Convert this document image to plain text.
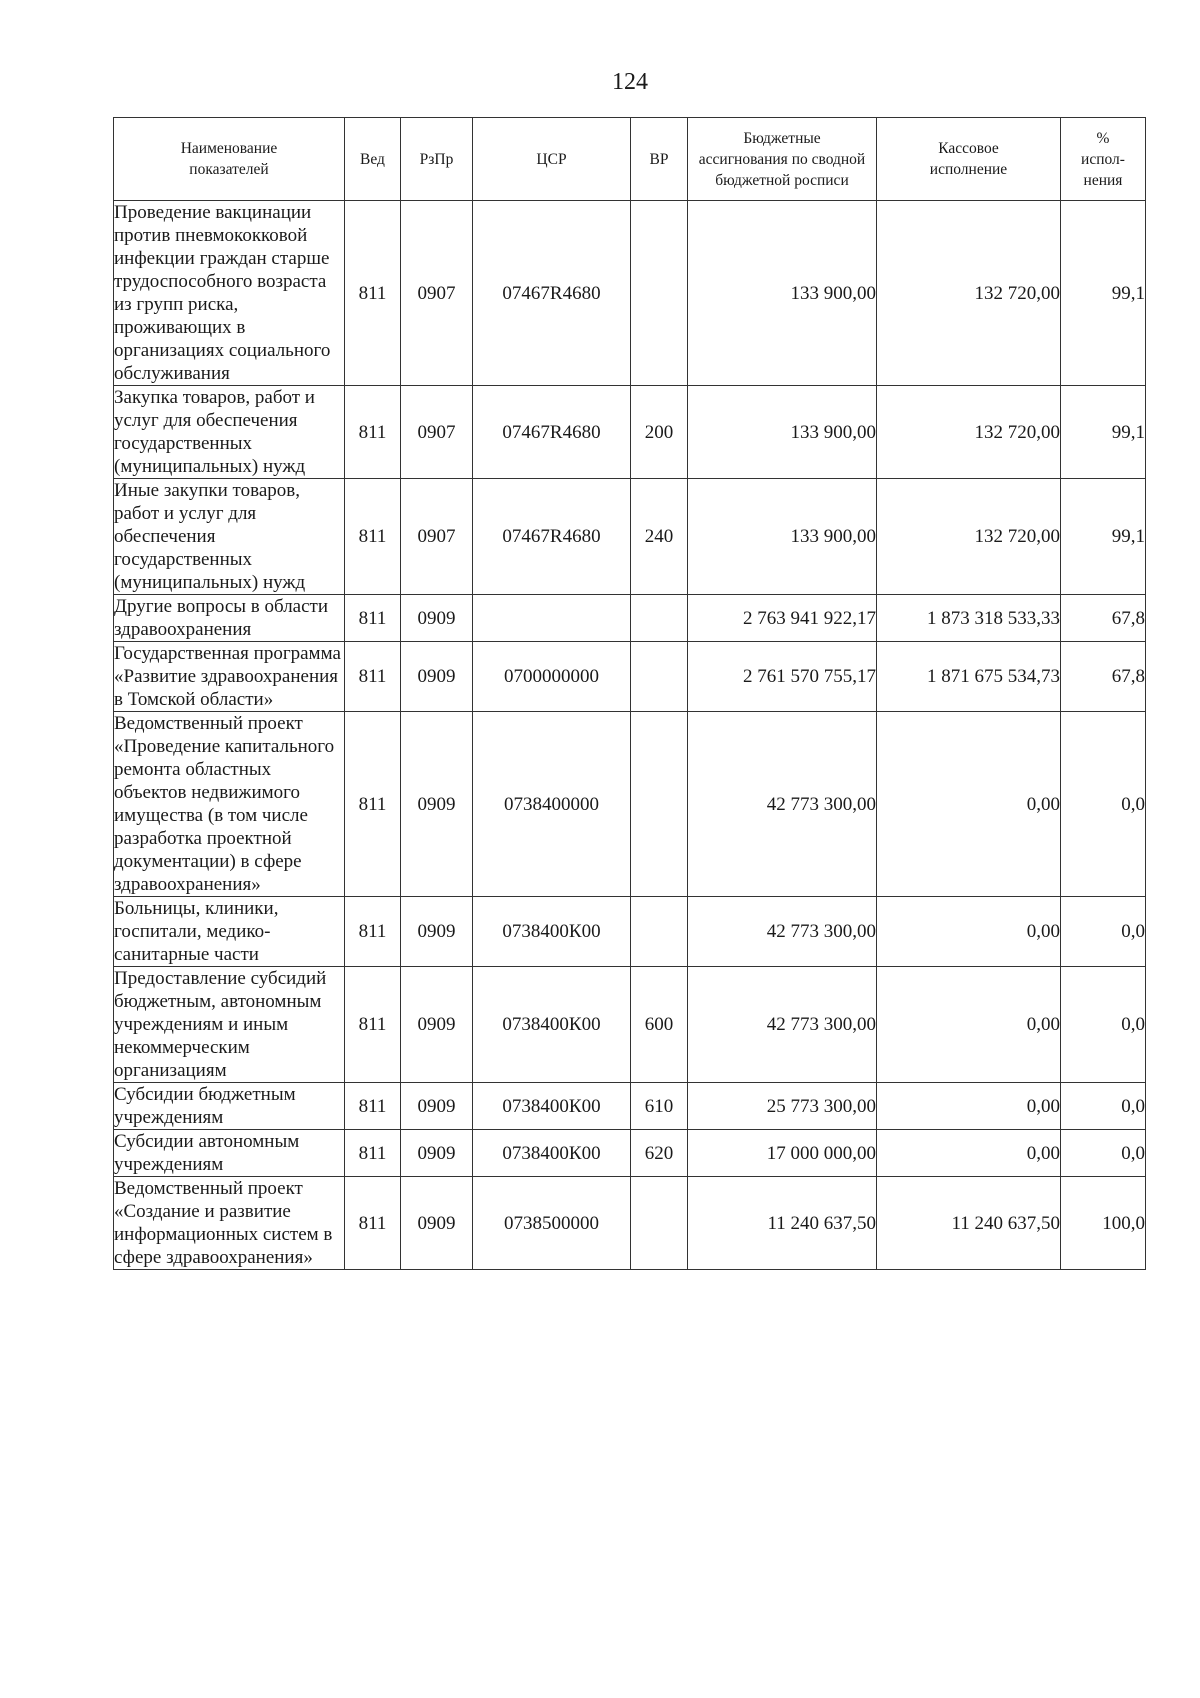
124
Наименование показателей	Вед	РзПр	ЦСР	ВР	Бюджетные ассигнования по сводной бюджетной росписи	Кассовое исполнение	% испол-нения
Проведение вакцинации против пневмококковой инфекции граждан старше трудоспособного возраста из групп риска, проживающих в организациях социального обслуживания	811	0907	07467R4680		133 900,00	132 720,00	99,1
Закупка товаров, работ и услуг для обеспечения государственных (муниципальных) нужд	811	0907	07467R4680	200	133 900,00	132 720,00	99,1
Иные закупки товаров, работ и услуг для обеспечения государственных (муниципальных) нужд	811	0907	07467R4680	240	133 900,00	132 720,00	99,1
Другие вопросы в области здравоохранения	811	0909			2 763 941 922,17	1 873 318 533,33	67,8
Государственная программа «Развитие здравоохранения в Томской области»	811	0909	0700000000		2 761 570 755,17	1 871 675 534,73	67,8
Ведомственный проект «Проведение капитального ремонта областных объектов недвижимого имущества (в том числе разработка проектной документации) в сфере здравоохранения»	811	0909	0738400000		42 773 300,00	0,00	0,0
Больницы, клиники, госпитали, медико-санитарные части	811	0909	0738400К00		42 773 300,00	0,00	0,0
Предоставление субсидий бюджетным, автономным учреждениям и иным некоммерческим организациям	811	0909	0738400К00	600	42 773 300,00	0,00	0,0
Субсидии бюджетным учреждениям	811	0909	0738400К00	610	25 773 300,00	0,00	0,0
Субсидии автономным учреждениям	811	0909	0738400К00	620	17 000 000,00	0,00	0,0
Ведомственный проект «Создание и развитие информационных систем в сфере здравоохранения»	811	0909	0738500000		11 240 637,50	11 240 637,50	100,0
